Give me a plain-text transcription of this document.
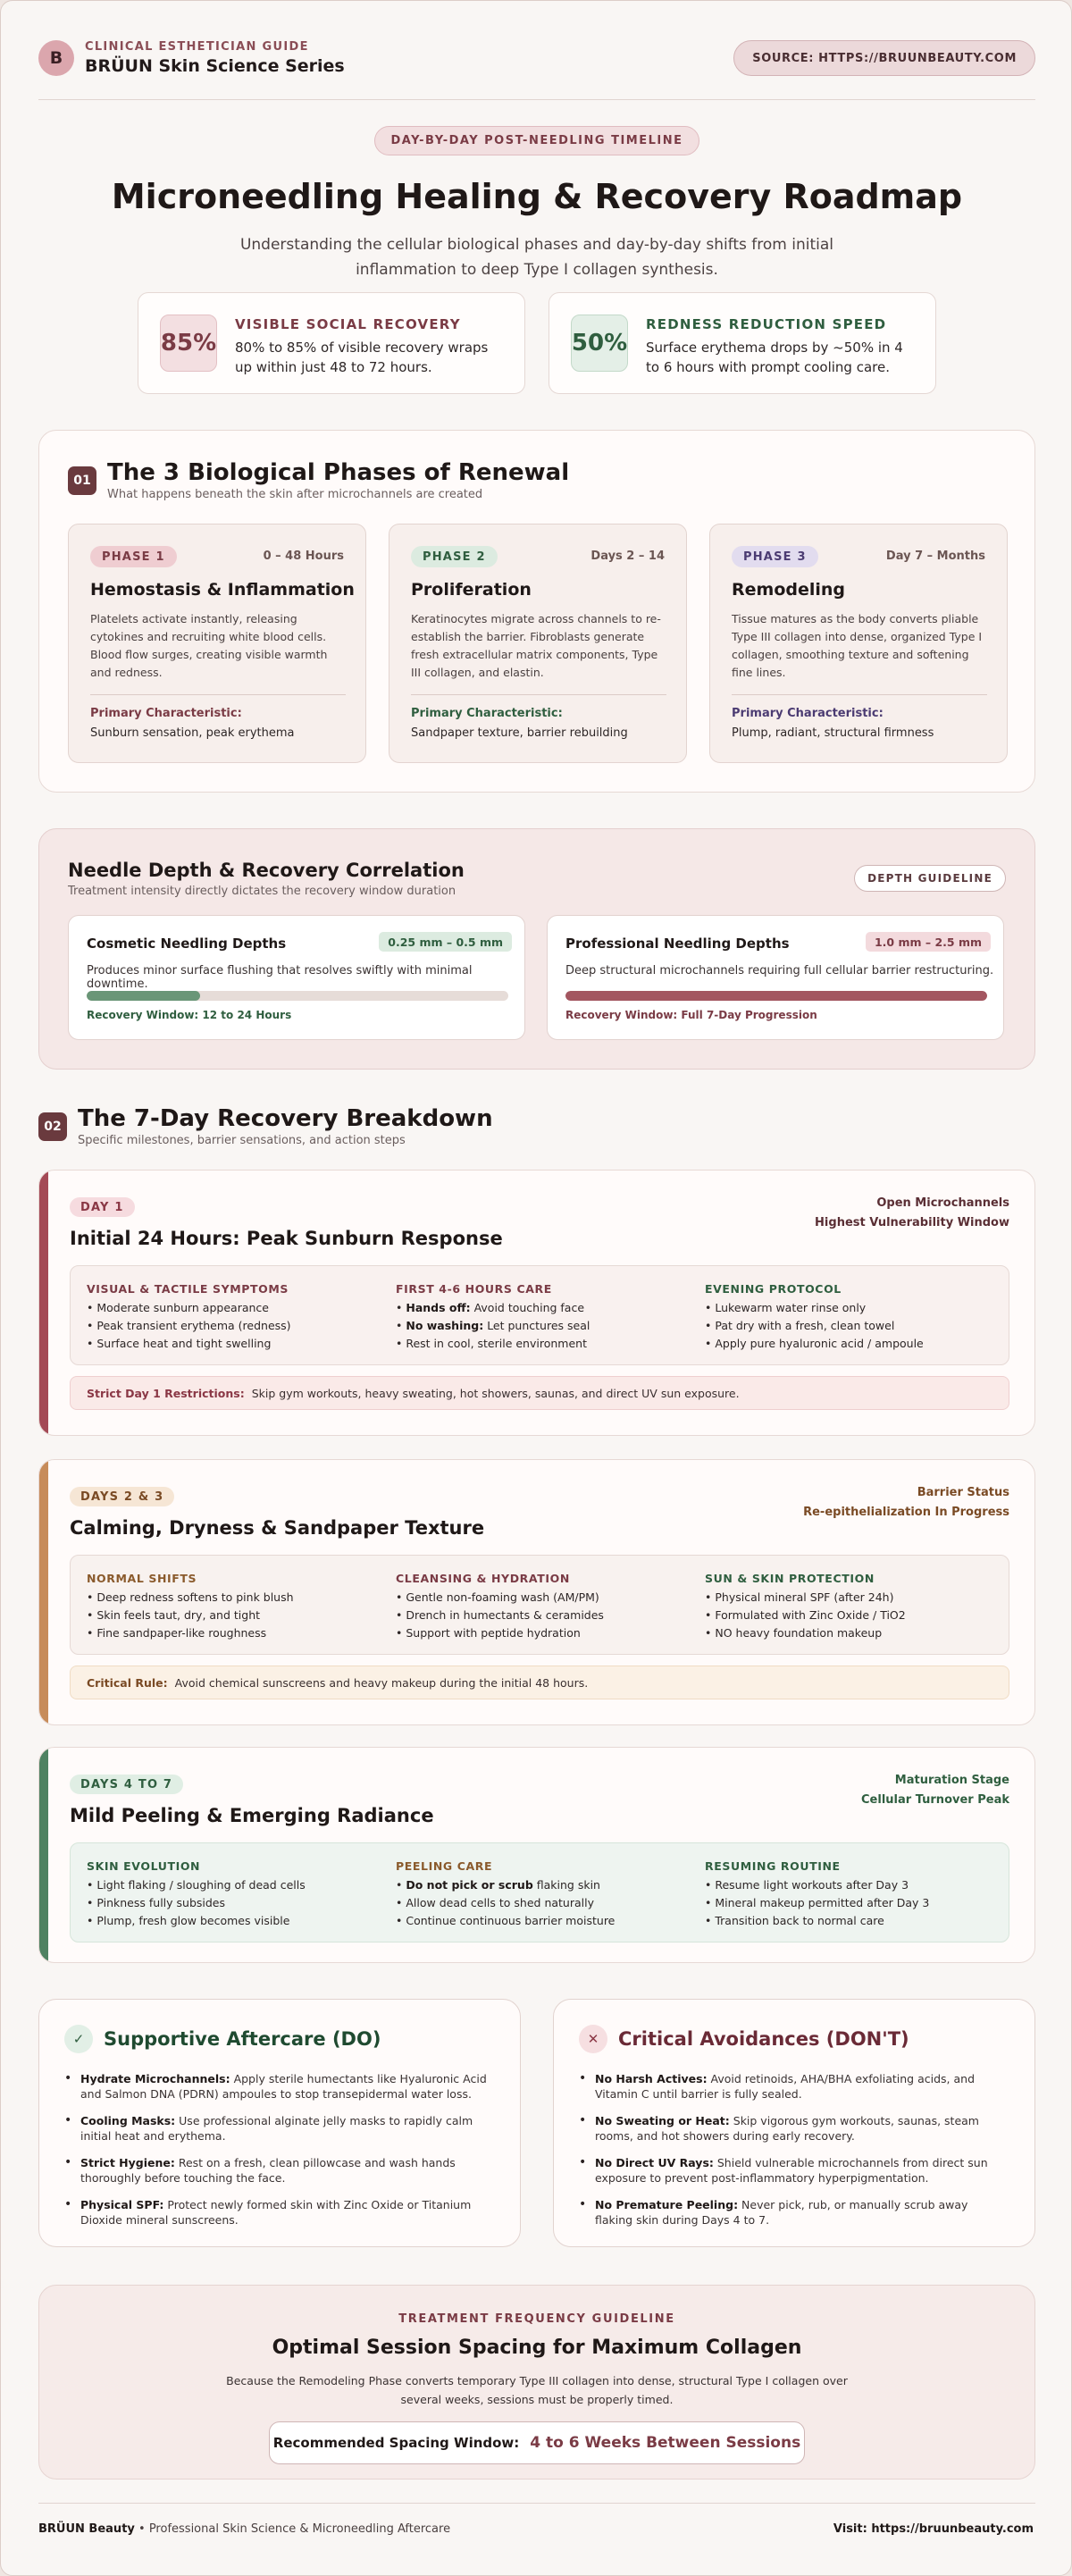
B
CLINICAL ESTHETICIAN GUIDE
BRÜUN Skin Science Series	SOURCE: HTTPS://BRUUNBEAUTY.COM
DAY-BY-DAY POST-NEEDLING TIMELINE
Microneedling Healing & Recovery Roadmap
Understanding the cellular biological phases and day-by-day shifts from initial inflammation to deep Type I collagen synthesis.
85%
VISIBLE SOCIAL RECOVERY
80% to 85% of visible recovery wraps up within just 48 to 72 hours.
50%
REDNESS REDUCTION SPEED
Surface erythema drops by ~50% in 4 to 6 hours with prompt cooling care.
01 The 3 Biological Phases of Renewal
What happens beneath the skin after microchannels are created
PHASE 1	0 – 48 Hours
Hemostasis & Inflammation
Platelets activate instantly, releasing cytokines and recruiting white blood cells. Blood flow surges, creating visible warmth and redness.
Primary Characteristic:
Sunburn sensation, peak erythema
PHASE 2	Days 2 – 14
Proliferation
Keratinocytes migrate across channels to re-establish the barrier. Fibroblasts generate fresh extracellular matrix components, Type III collagen, and elastin.
Primary Characteristic:
Sandpaper texture, barrier rebuilding
PHASE 3	Day 7 – Months
Remodeling
Tissue matures as the body converts pliable Type III collagen into dense, organized Type I collagen, smoothing texture and softening fine lines.
Primary Characteristic:
Plump, radiant, structural firmness
Needle Depth & Recovery Correlation
Treatment intensity directly dictates the recovery window duration
DEPTH GUIDELINE
Cosmetic Needling Depths	0.25 mm – 0.5 mm
Produces minor surface flushing that resolves swiftly with minimal downtime.
Recovery Window: 12 to 24 Hours
Professional Needling Depths	1.0 mm – 2.5 mm
Deep structural microchannels requiring full cellular barrier restructuring.
Recovery Window: Full 7-Day Progression
02 The 7-Day Recovery Breakdown
Specific milestones, barrier sensations, and action steps
DAY 1
Initial 24 Hours: Peak Sunburn Response
Open Microchannels
Highest Vulnerability Window
VISUAL & TACTILE SYMPTOMS
• Moderate sunburn appearance
• Peak transient erythema (redness)
• Surface heat and tight swelling
FIRST 4-6 HOURS CARE
• Hands off: Avoid touching face
• No washing: Let punctures seal
• Rest in cool, sterile environment
EVENING PROTOCOL
• Lukewarm water rinse only
• Pat dry with a fresh, clean towel
• Apply pure hyaluronic acid / ampoule
Strict Day 1 Restrictions: Skip gym workouts, heavy sweating, hot showers, saunas, and direct UV sun exposure.
DAYS 2 & 3
Calming, Dryness & Sandpaper Texture
Barrier Status
Re-epithelialization In Progress
NORMAL SHIFTS
• Deep redness softens to pink blush
• Skin feels taut, dry, and tight
• Fine sandpaper-like roughness
CLEANSING & HYDRATION
• Gentle non-foaming wash (AM/PM)
• Drench in humectants & ceramides
• Support with peptide hydration
SUN & SKIN PROTECTION
• Physical mineral SPF (after 24h)
• Formulated with Zinc Oxide / TiO2
• NO heavy foundation makeup
Critical Rule: Avoid chemical sunscreens and heavy makeup during the initial 48 hours.
DAYS 4 TO 7
Mild Peeling & Emerging Radiance
Maturation Stage
Cellular Turnover Peak
SKIN EVOLUTION
• Light flaking / sloughing of dead cells
• Pinkness fully subsides
• Plump, fresh glow becomes visible
PEELING CARE
• Do not pick or scrub flaking skin
• Allow dead cells to shed naturally
• Continue continuous barrier moisture
RESUMING ROUTINE
• Resume light workouts after Day 3
• Mineral makeup permitted after Day 3
• Transition back to normal care
✓	Supportive Aftercare (DO)
• Hydrate Microchannels: Apply sterile humectants like Hyaluronic Acid and Salmon DNA (PDRN) ampoules to stop transepidermal water loss.
• Cooling Masks: Use professional alginate jelly masks to rapidly calm initial heat and erythema.
• Strict Hygiene: Rest on a fresh, clean pillowcase and wash hands thoroughly before touching the face.
• Physical SPF: Protect newly formed skin with Zinc Oxide or Titanium Dioxide mineral sunscreens.
✕	Critical Avoidances (DON'T)
• No Harsh Actives: Avoid retinoids, AHA/BHA exfoliating acids, and Vitamin C until barrier is fully sealed.
• No Sweating or Heat: Skip vigorous gym workouts, saunas, steam rooms, and hot showers during early recovery.
• No Direct UV Rays: Shield vulnerable microchannels from direct sun exposure to prevent post-inflammatory hyperpigmentation.
• No Premature Peeling: Never pick, rub, or manually scrub away flaking skin during Days 4 to 7.
TREATMENT FREQUENCY GUIDELINE
Optimal Session Spacing for Maximum Collagen
Because the Remodeling Phase converts temporary Type III collagen into dense, structural Type I collagen over several weeks, sessions must be properly timed.
Recommended Spacing Window: 4 to 6 Weeks Between Sessions
BRÜUN Beauty • Professional Skin Science & Microneedling Aftercare	Visit: https://bruunbeauty.com
